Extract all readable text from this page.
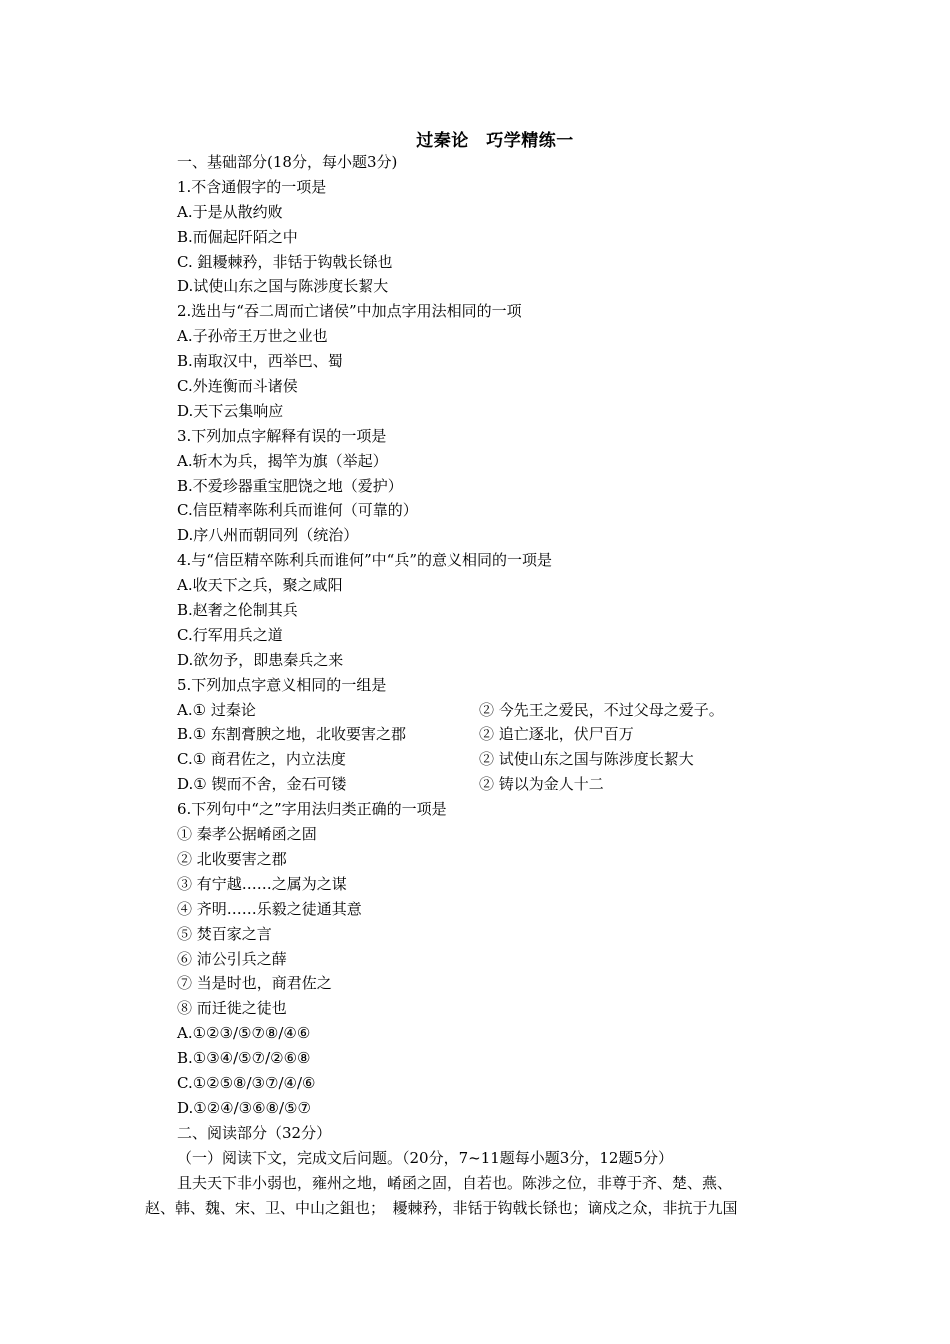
过秦论　巧学精练一
一、基础部分(18分，每小题3分)
1.不含通假字的一项是
A.于是从散约败
B.而倔起阡陌之中
C. 鉏耰棘矜，非铦于钩戟长铩也
D.试使山东之国与陈涉度长絜大
2.选出与“吞二周而亡诸侯”中加点字用法相同的一项
A.子孙帝王万世之业也
B.南取汉中，西举巴、蜀
C.外连衡而斗诸侯
D.天下云集响应
3.下列加点字解释有误的一项是
A.斩木为兵，揭竿为旗（举起）
B.不爱珍器重宝肥饶之地（爱护）
C.信臣精率陈利兵而谁何（可靠的）
D.序八州而朝同列（统治）
4.与“信臣精卒陈利兵而谁何”中“兵”的意义相同的一项是
A.收天下之兵，聚之咸阳
B.赵奢之伦制其兵
C.行军用兵之道
D.欲勿予，即患秦兵之来
5.下列加点字意义相同的一组是
A.① 过秦论	② 今先王之爱民，不过父母之爱子。
B.① 东割膏腴之地，北收要害之郡	② 追亡逐北，伏尸百万
C.① 商君佐之，内立法度	② 试使山东之国与陈涉度长絜大
D.① 锲而不舍，金石可镂	② 铸以为金人十二
6.下列句中“之”字用法归类正确的一项是
① 秦孝公据崤函之固
② 北收要害之郡
③ 有宁越……之属为之谋
④ 齐明……乐毅之徒通其意
⑤ 焚百家之言
⑥ 沛公引兵之薛
⑦ 当是时也，商君佐之
⑧ 而迁徙之徒也
A.①②③/⑤⑦⑧/④⑥
B.①③④/⑤⑦/②⑥⑧
C.①②⑤⑧/③⑦/④/⑥
D.①②④/③⑥⑧/⑤⑦
二、阅读部分（32分）
（一）阅读下文，完成文后问题。（20分，7~11题每小题3分，12题5分）
且夫天下非小弱也，雍州之地，崤函之固，自若也。陈涉之位，非尊于齐、楚、燕、
赵、韩、魏、宋、卫、中山之鉏也；　耰棘矜，非铦于钩戟长铩也；谪戍之众，非抗于九国
